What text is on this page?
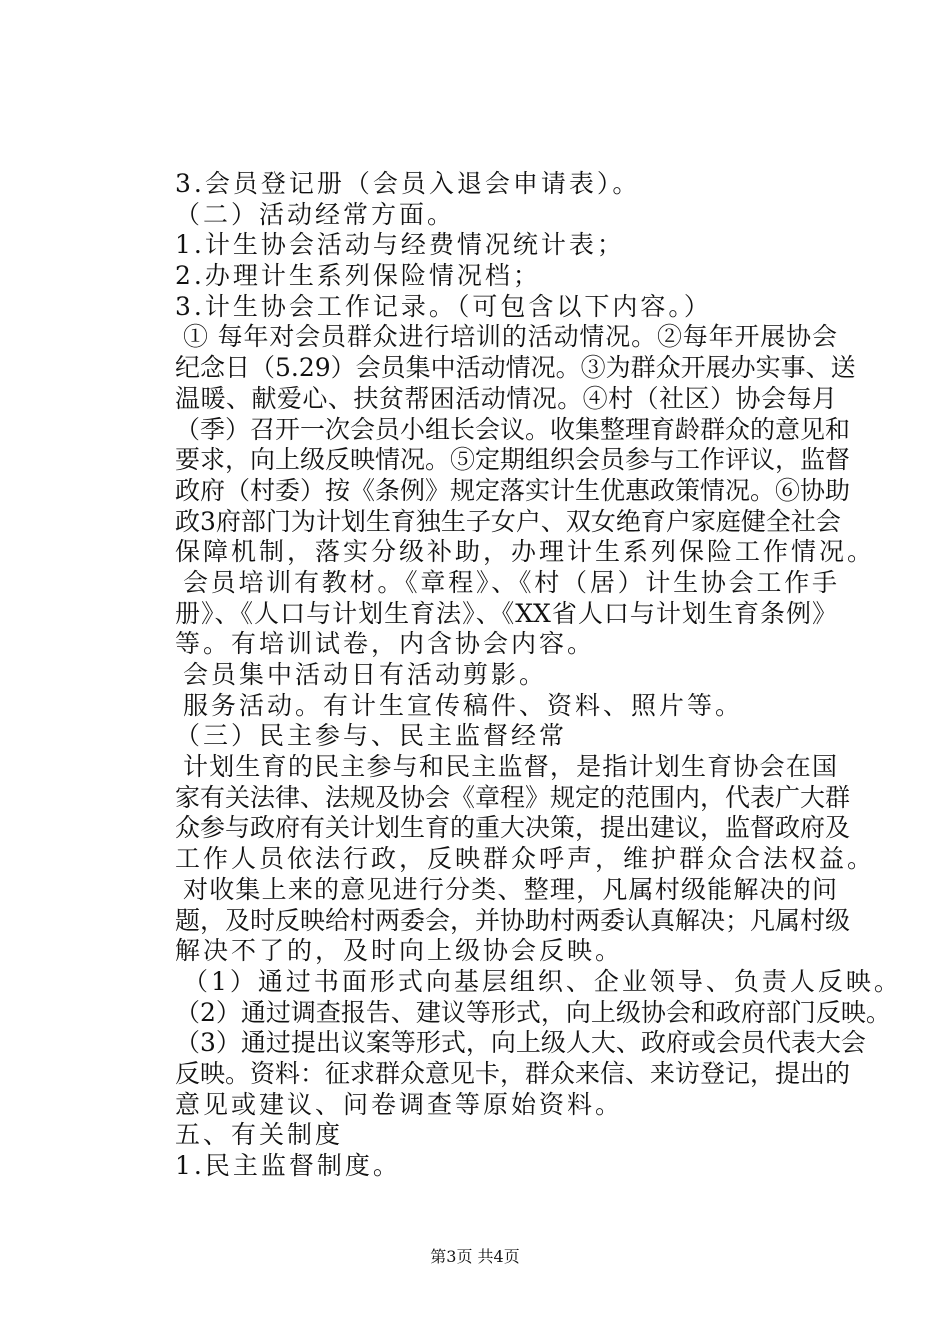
3.会员登记册（会员入退会申请表）。
（二）活动经常方面。
1.计生协会活动与经费情况统计表；
2.办理计生系列保险情况档；
3.计生协会工作记录。（可包含以下内容。）
① 每年对会员群众进行培训的活动情况。②每年开展协会
纪念日（5.29）会员集中活动情况。③为群众开展办实事、送
温暖、献爱心、扶贫帮困活动情况。④村（社区）协会每月
（季）召开一次会员小组长会议。收集整理育龄群众的意见和
要求，向上级反映情况。⑤定期组织会员参与工作评议，监督
政府（村委）按《条例》规定落实计生优惠政策情况。⑥协助
政3府部门为计划生育独生子女户、双女绝育户家庭健全社会
保障机制，落实分级补助，办理计生系列保险工作情况。
会员培训有教材。《章程》、《村（居）计生协会工作手
册》、《人口与计划生育法》、《XX省人口与计划生育条例》
等。有培训试卷，内含协会内容。
会员集中活动日有活动剪影。
服务活动。有计生宣传稿件、资料、照片等。
（三）民主参与、民主监督经常
计划生育的民主参与和民主监督，是指计划生育协会在国
家有关法律、法规及协会《章程》规定的范围内，代表广大群
众参与政府有关计划生育的重大决策，提出建议，监督政府及
工作人员依法行政，反映群众呼声，维护群众合法权益。
对收集上来的意见进行分类、整理，凡属村级能解决的问
题，及时反映给村两委会，并协助村两委认真解决；凡属村级
解决不了的，及时向上级协会反映。
（1）通过书面形式向基层组织、企业领导、负责人反映。
（2）通过调查报告、建议等形式，向上级协会和政府部门反映。
（3）通过提出议案等形式，向上级人大、政府或会员代表大会
反映。资料：征求群众意见卡，群众来信、来访登记，提出的
意见或建议、问卷调查等原始资料。
五、有关制度
1.民主监督制度。
第3页 共4页
